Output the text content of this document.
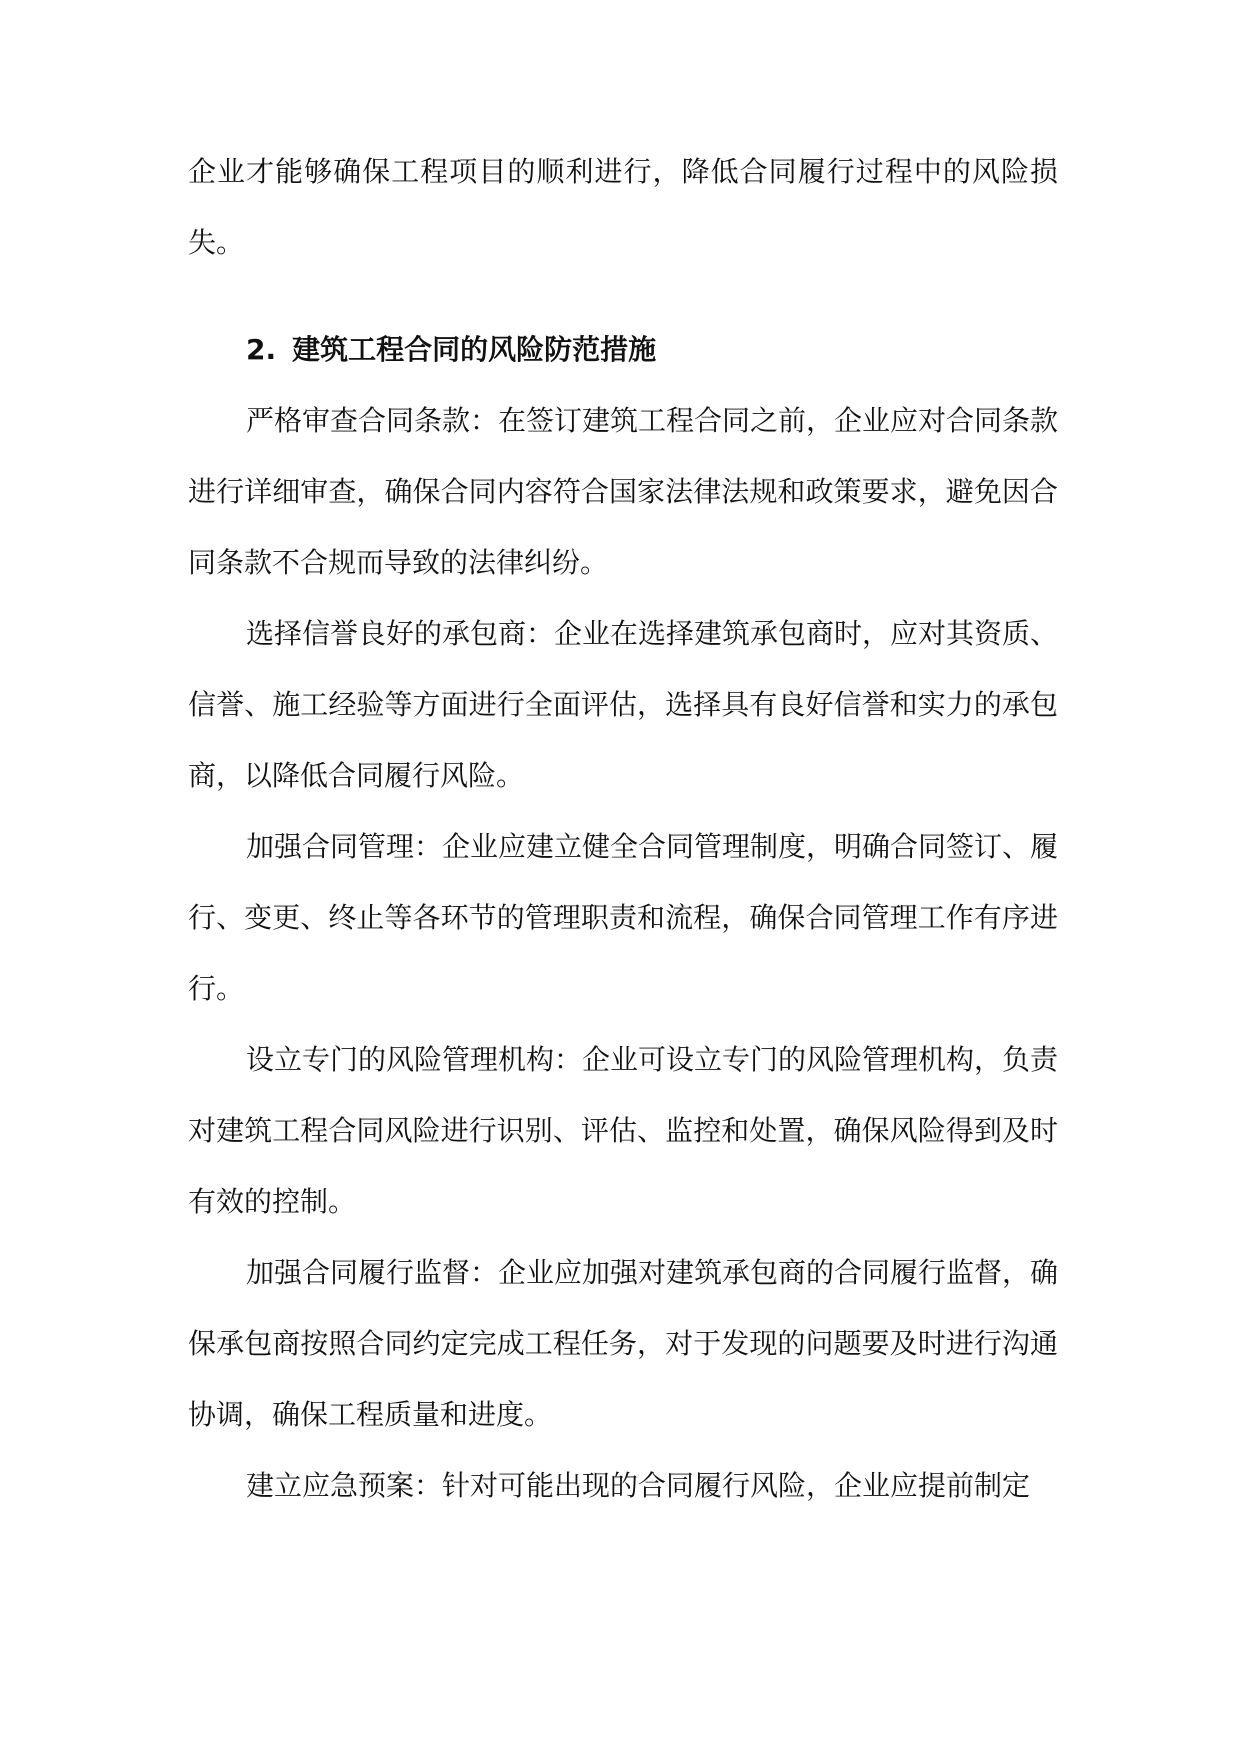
企业才能够确保工程项目的顺利进行，降低合同履行过程中的风险损失。

2. 建筑工程合同的风险防范措施

严格审查合同条款：在签订建筑工程合同之前，企业应对合同条款进行详细审查，确保合同内容符合国家法律法规和政策要求，避免因合同条款不合规而导致的法律纠纷。

选择信誉良好的承包商：企业在选择建筑承包商时，应对其资质、信誉、施工经验等方面进行全面评估，选择具有良好信誉和实力的承包商，以降低合同履行风险。

加强合同管理：企业应建立健全合同管理制度，明确合同签订、履行、变更、终止等各环节的管理职责和流程，确保合同管理工作有序进行。

设立专门的风险管理机构：企业可设立专门的风险管理机构，负责对建筑工程合同风险进行识别、评估、监控和处置，确保风险得到及时有效的控制。

加强合同履行监督：企业应加强对建筑承包商的合同履行监督，确保承包商按照合同约定完成工程任务，对于发现的问题要及时进行沟通协调，确保工程质量和进度。

建立应急预案：针对可能出现的合同履行风险，企业应提前制定
